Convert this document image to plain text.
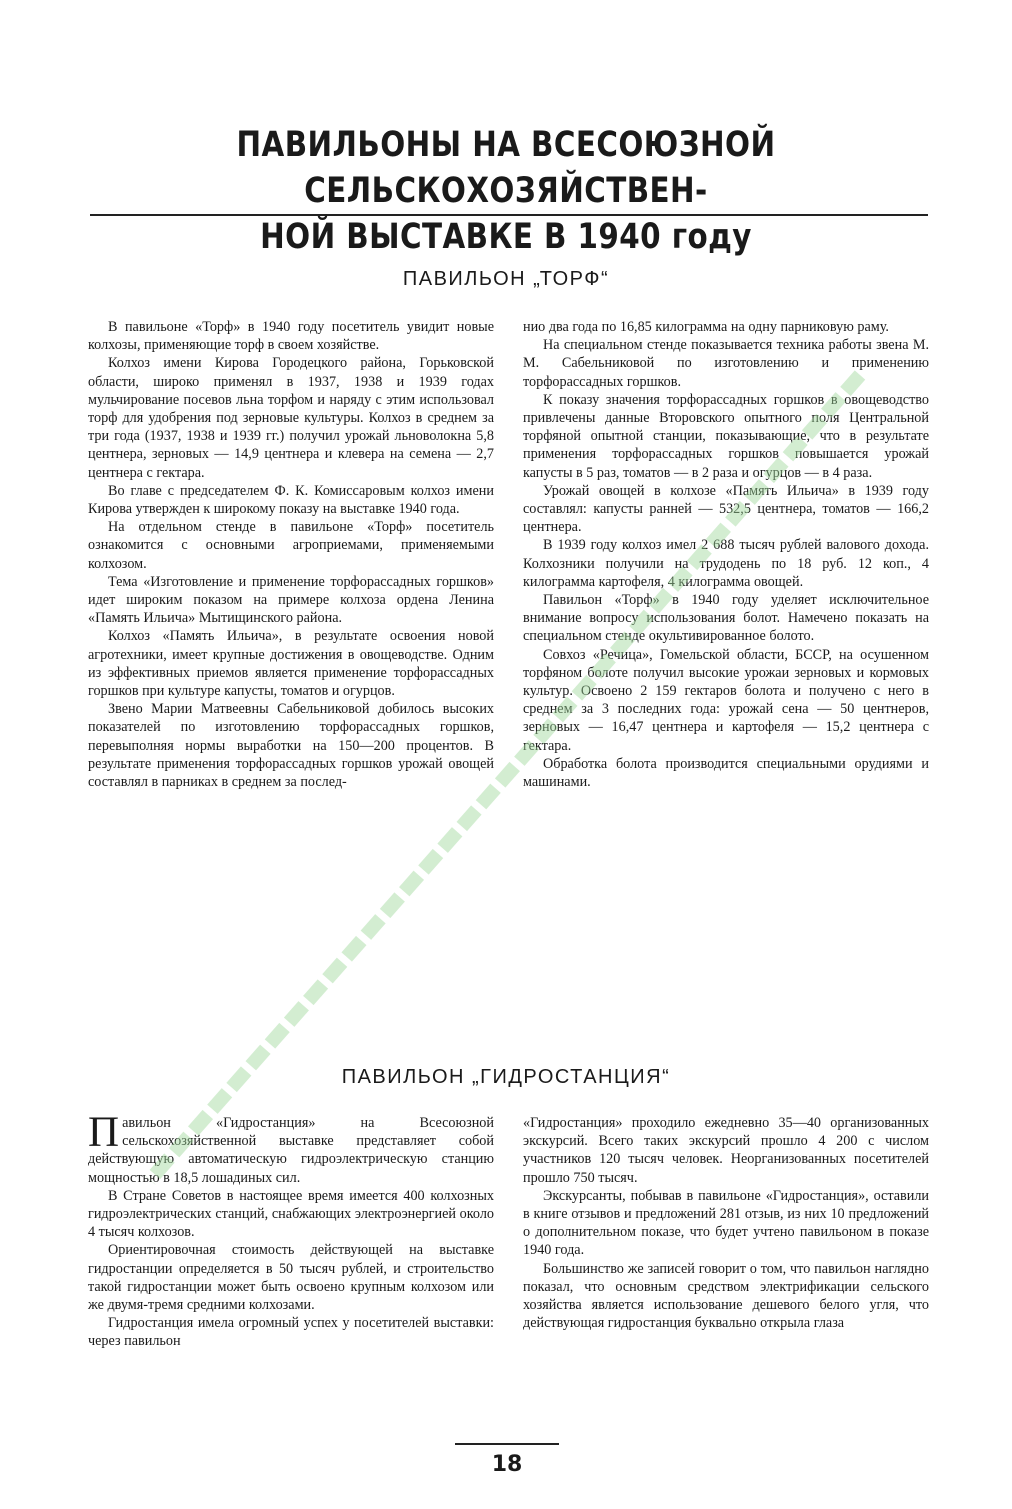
ПАВИЛЬОНЫ НА ВСЕСОЮЗНОЙ СЕЛЬСКОХОЗЯЙСТВЕН-
НОЙ ВЫСТАВКЕ В 1940 году
ПАВИЛЬОН „ТОРФ“

В павильоне «Торф» в 1940 году посетитель увидит новые колхозы, применяющие торф в своем хозяйстве.

Колхоз имени Кирова Городецкого района, Горьковской области, широко применял в 1937, 1938 и 1939 годах мульчирование посевов льна торфом и наряду с этим использовал торф для удобрения под зерновые культуры. Колхоз в среднем за три года (1937, 1938 и 1939 гг.) получил урожай льноволокна 5,8 центнера, зерновых — 14,9 центнера и клевера на семена — 2,7 центнера с гектара.

Во главе с председателем Ф. К. Комиссаровым колхоз имени Кирова утвержден к широкому показу на выставке 1940 года.

На отдельном стенде в павильоне «Торф» посетитель ознакомится с основными агроприемами, применяемыми колхозом.

Тема «Изготовление и применение торфорассадных горшков» идет широким показом на примере колхоза ордена Ленина «Память Ильича» Мытищинского района.

Колхоз «Память Ильича», в результате освоения новой агротехники, имеет крупные достижения в овощеводстве. Одним из эффективных приемов является применение торфорассадных горшков при культуре капусты, томатов и огурцов.

Звено Марии Матвеевны Сабельниковой добилось высоких показателей по изготовлению торфорассадных горшков, перевыполняя нормы выработки на 150—200 процентов. В результате применения торфорассадных горшков урожай овощей составлял в парниках в среднем за послед-

нио два года по 16,85 килограмма на одну парниковую раму.

На специальном стенде показывается техника работы звена М. М. Сабельниковой по изготовлению и применению торфорассадных горшков.

К показу значения торфорассадных горшков в овощеводство привлечены данные Второвского опытного поля Центральной торфяной опытной станции, показывающие, что в результате применения торфорассадных горшков повышается урожай капусты в 5 раз, томатов — в 2 раза и огурцов — в 4 раза.

Урожай овощей в колхозе «Память Ильича» в 1939 году составлял: капусты ранней — 532,5 центнера, томатов — 166,2 центнера.

В 1939 году колхоз имел 2 688 тысяч рублей валового дохода. Колхозники получили на трудодень по 18 руб. 12 коп., 4 килограмма картофеля, 4 килограмма овощей.

Павильон «Торф» в 1940 году уделяет исключительное внимание вопросу использования болот. Намечено показать на специальном стенде окультивированное болото.

Совхоз «Речица», Гомельской области, БССР, на осушенном торфяном болоте получил высокие урожаи зерновых и кормовых культур. Освоено 2 159 гектаров болота и получено с него в среднем за 3 последних года: урожай сена — 50 центнеров, зерновых — 16,47 центнера и картофеля — 15,2 центнера с гектара.

Обработка болота производится специальными орудиями и машинами.

ПАВИЛЬОН „ГИДРОСТАНЦИЯ“

Павильон «Гидростанция» на Всесоюзной сельскохозяйственной выставке представляет собой действующую автоматическую гидроэлектрическую станцию мощностью в 18,5 лошадиных сил.

В Стране Советов в настоящее время имеется 400 колхозных гидроэлектрических станций, снабжающих электроэнергией около 4 тысяч колхозов.

Ориентировочная стоимость действующей на выставке гидростанции определяется в 50 тысяч рублей, и строительство такой гидростанции может быть освоено крупным колхозом или же двумя-тремя средними колхозами.

Гидростанция имела огромный успех у посетителей выставки: через павильон

«Гидростанция» проходило ежедневно 35—40 организованных экскурсий. Всего таких экскурсий прошло 4 200 с числом участников 120 тысяч человек. Неорганизованных посетителей прошло 750 тысяч.

Экскурсанты, побывав в павильоне «Гидростанция», оставили в книге отзывов и предложений 281 отзыв, из них 10 предложений о дополнительном показе, что будет учтено павильоном в показе 1940 года.

Большинство же записей говорит о том, что павильон наглядно показал, что основным средством электрификации сельского хозяйства является использование дешевого белого угля, что действующая гидростанция буквально открыла глаза

18
